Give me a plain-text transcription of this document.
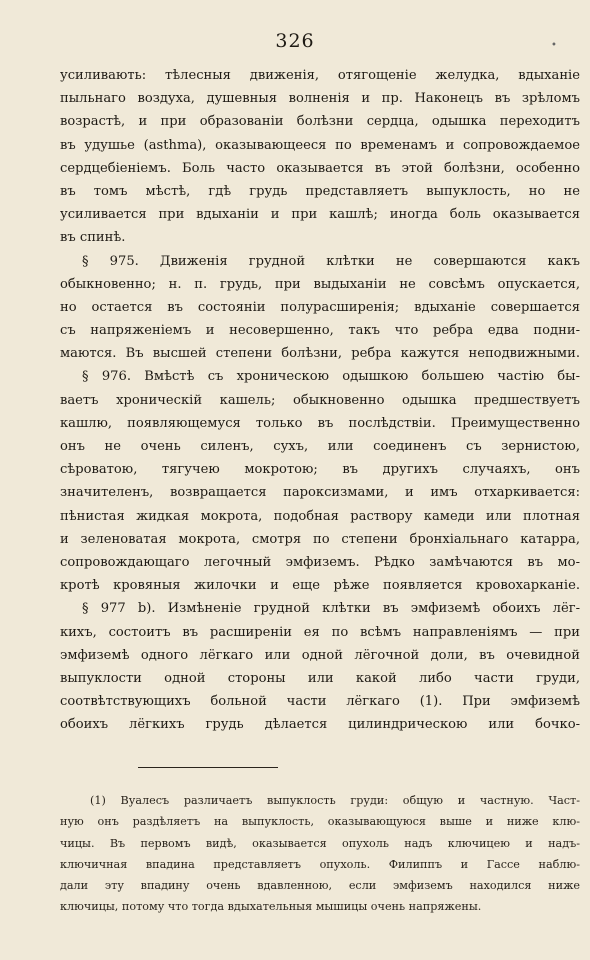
326	•
усиливають: тѣлесныя движенія, отягощеніе желудка, вдыханіе
пыльнаго воздуха, душевныя волненія и пр. Наконецъ въ зрѣломъ
возрастѣ, и при образованіи болѣзни сердца, одышка переходитъ
въ удушье (asthma), оказывающееся по временамъ и сопровождаемое
сердцебіеніемъ. Боль часто оказывается въ этой болѣзни, особенно
въ томъ мѣстѣ, гдѣ грудь представляетъ выпуклость, но не
усиливается при вдыханіи и при кашлѣ; иногда боль оказывается
въ спинѣ.
§ 975. Движенія грудной клѣтки не совершаются какъ
обыкновенно; н. п. грудь, при выдыханіи не совсѣмъ опускается,
но остается въ состояніи полурасширенія; вдыханіе совершается
съ напряженіемъ и несовершенно, такъ что ребра едва подни-
маются. Въ высшей степени болѣзни, ребра кажутся неподвижными.
§ 976. Вмѣстѣ съ хроническою одышкою большею частію бы-
ваетъ хроническій кашель; обыкновенно одышка предшествуетъ
кашлю, появляющемуся только въ послѣдствіи. Преимущественно
онъ не очень силенъ, сухъ, или соединенъ съ зернистою,
сѣроватою, тягучею мокротою; въ другихъ случаяхъ, онъ
значителенъ, возвращается пароксизмами, и имъ отхаркивается:
пѣнистая жидкая мокрота, подобная раствору камеди или плотная
и зеленоватая мокрота, смотря по степени бронхіальнаго катарра,
сопровождающаго легочный эмфиземъ. Рѣдко замѣчаются въ мо-
кротѣ кровяныя жилочки и еще рѣже появляется кровохарканіе.
§ 977 b). Измѣненіе грудной клѣтки въ эмфиземѣ обоихъ лёг-
кихъ, состоитъ въ расширеніи ея по всѣмъ направленіямъ — при
эмфиземѣ одного лёгкаго или одной лёгочной доли, въ очевидной
выпуклости одной стороны или какой либо части груди,
соотвѣтствующихъ больной части лёгкаго (1). При эмфиземѣ
обоихъ лёгкихъ грудь дѣлается цилиндрическою или бочко-
(1) Вуалесъ различаетъ выпуклость груди: общую и частную. Част-
ную онъ раздѣляетъ на выпуклость, оказывающуюся выше и ниже клю-
чицы. Въ первомъ видѣ, оказывается опухоль надъ ключицею и надъ-
ключичная впадина представляетъ опухоль. Филиппъ и Гассе наблю-
дали эту впадину очень вдавленною, если эмфиземъ находился ниже
ключицы, потому что тогда вдыхательныя мышицы очень напряжены.
